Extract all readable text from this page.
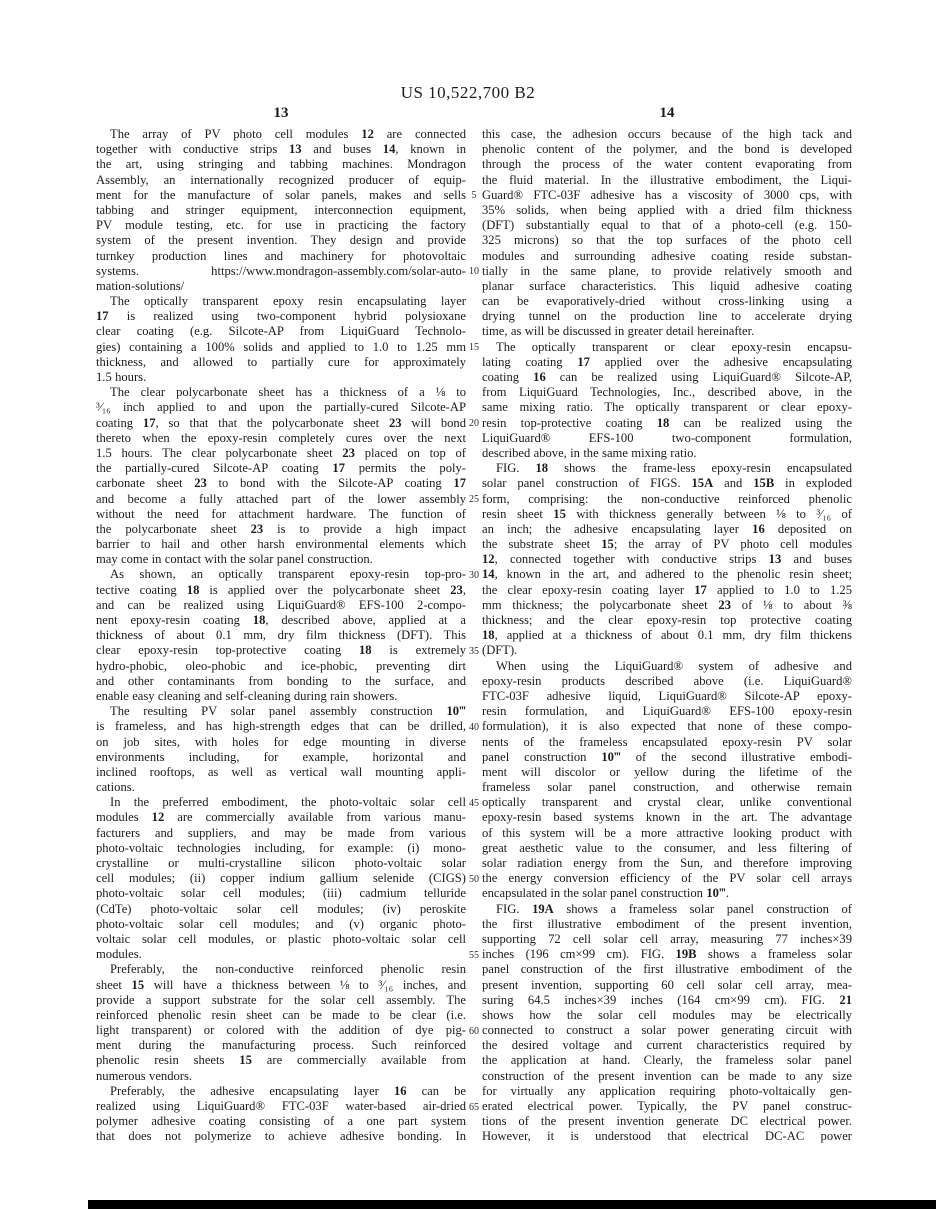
US 10,522,700 B2
13	14
The array of PV photo cell modules 12 are connected
together with conductive strips 13 and buses 14, known in
the art, using stringing and tabbing machines. Mondragon
Assembly, an internationally recognized producer of equip-
ment for the manufacture of solar panels, makes and sells
tabbing and stringer equipment, interconnection equipment,
PV module testing, etc. for use in practicing the factory
system of the present invention. They design and provide
turnkey production lines and machinery for photovoltaic
systems. https://www.mondragon-assembly.com/solar-auto-
mation-solutions/
The optically transparent epoxy resin encapsulating layer
17 is realized using two-component hybrid polysioxane
clear coating (e.g. Silcote-AP from LiquiGuard Technolo-
gies) containing a 100% solids and applied to 1.0 to 1.25 mm
thickness, and allowed to partially cure for approximately
1.5 hours.
The clear polycarbonate sheet has a thickness of a ⅛ to
³⁄₁₆ inch applied to and upon the partially-cured Silcote-AP
coating 17, so that that the polycarbonate sheet 23 will bond
thereto when the epoxy-resin completely cures over the next
1.5 hours. The clear polycarbonate sheet 23 placed on top of
the partially-cured Silcote-AP coating 17 permits the poly-
carbonate sheet 23 to bond with the Silcote-AP coating 17
and become a fully attached part of the lower assembly
without the need for attachment hardware. The function of
the polycarbonate sheet 23 is to provide a high impact
barrier to hail and other harsh environmental elements which
may come in contact with the solar panel construction.
As shown, an optically transparent epoxy-resin top-pro-
tective coating 18 is applied over the polycarbonate sheet 23,
and can be realized using LiquiGuard® EFS-100 2-compo-
nent epoxy-resin coating 18, described above, applied at a
thickness of about 0.1 mm, dry film thickness (DFT). This
clear epoxy-resin top-protective coating 18 is extremely
hydro-phobic, oleo-phobic and ice-phobic, preventing dirt
and other contaminants from bonding to the surface, and
enable easy cleaning and self-cleaning during rain showers.
The resulting PV solar panel assembly construction 10‴
is frameless, and has high-strength edges that can be drilled,
on job sites, with holes for edge mounting in diverse
environments including, for example, horizontal and
inclined rooftops, as well as vertical wall mounting appli-
cations.
In the preferred embodiment, the photo-voltaic solar cell
modules 12 are commercially available from various manu-
facturers and suppliers, and may be made from various
photo-voltaic technologies including, for example: (i) mono-
crystalline or multi-crystalline silicon photo-voltaic solar
cell modules; (ii) copper indium gallium selenide (CIGS)
photo-voltaic solar cell modules; (iii) cadmium telluride
(CdTe) photo-voltaic solar cell modules; (iv) peroskite
photo-voltaic solar cell modules; and (v) organic photo-
voltaic solar cell modules, or plastic photo-voltaic solar cell
modules.
Preferably, the non-conductive reinforced phenolic resin
sheet 15 will have a thickness between ⅛ to ³⁄₁₆ inches, and
provide a support substrate for the solar cell assembly. The
reinforced phenolic resin sheet can be made to be clear (i.e.
light transparent) or colored with the addition of dye pig-
ment during the manufacturing process. Such reinforced
phenolic resin sheets 15 are commercially available from
numerous vendors.
Preferably, the adhesive encapsulating layer 16 can be
realized using LiquiGuard® FTC-03F water-based air-dried
polymer adhesive coating consisting of a one part system
that does not polymerize to achieve adhesive bonding. In
5
10
15
20
25
30
35
40
45
50
55
60
65
this case, the adhesion occurs because of the high tack and
phenolic content of the polymer, and the bond is developed
through the process of the water content evaporating from
the fluid material. In the illustrative embodiment, the Liqui-
Guard® FTC-03F adhesive has a viscosity of 3000 cps, with
35% solids, when being applied with a dried film thickness
(DFT) substantially equal to that of a photo-cell (e.g. 150-
325 microns) so that the top surfaces of the photo cell
modules and surrounding adhesive coating reside substan-
tially in the same plane, to provide relatively smooth and
planar surface characteristics. This liquid adhesive coating
can be evaporatively-dried without cross-linking using a
drying tunnel on the production line to accelerate drying
time, as will be discussed in greater detail hereinafter.
The optically transparent or clear epoxy-resin encapsu-
lating coating 17 applied over the adhesive encapsulating
coating 16 can be realized using LiquiGuard® Silcote-AP,
from LiquiGuard Technologies, Inc., described above, in the
same mixing ratio. The optically transparent or clear epoxy-
resin top-protective coating 18 can be realized using the
LiquiGuard® EFS-100 two-component formulation,
described above, in the same mixing ratio.
FIG. 18 shows the frame-less epoxy-resin encapsulated
solar panel construction of FIGS. 15A and 15B in exploded
form, comprising: the non-conductive reinforced phenolic
resin sheet 15 with thickness generally between ⅛ to ³⁄₁₆ of
an inch; the adhesive encapsulating layer 16 deposited on
the substrate sheet 15; the array of PV photo cell modules
12, connected together with conductive strips 13 and buses
14, known in the art, and adhered to the phenolic resin sheet;
the clear epoxy-resin coating layer 17 applied to 1.0 to 1.25
mm thickness; the polycarbonate sheet 23 of ⅛ to about ⅜
thickness; and the clear epoxy-resin top protective coating
18, applied at a thickness of about 0.1 mm, dry film thickens
(DFT).
When using the LiquiGuard® system of adhesive and
epoxy-resin products described above (i.e. LiquiGuard®
FTC-03F adhesive liquid, LiquiGuard® Silcote-AP epoxy-
resin formulation, and LiquiGuard® EFS-100 epoxy-resin
formulation), it is also expected that none of these compo-
nents of the frameless encapsulated epoxy-resin PV solar
panel construction 10‴ of the second illustrative embodi-
ment will discolor or yellow during the lifetime of the
frameless solar panel construction, and otherwise remain
optically transparent and crystal clear, unlike conventional
epoxy-resin based systems known in the art. The advantage
of this system will be a more attractive looking product with
great aesthetic value to the consumer, and less filtering of
solar radiation energy from the Sun, and therefore improving
the energy conversion efficiency of the PV solar cell arrays
encapsulated in the solar panel construction 10‴.
FIG. 19A shows a frameless solar panel construction of
the first illustrative embodiment of the present invention,
supporting 72 cell solar cell array, measuring 77 inches×39
inches (196 cm×99 cm). FIG. 19B shows a frameless solar
panel construction of the first illustrative embodiment of the
present invention, supporting 60 cell solar cell array, mea-
suring 64.5 inches×39 inches (164 cm×99 cm). FIG. 21
shows how the solar cell modules may be electrically
connected to construct a solar power generating circuit with
the desired voltage and current characteristics required by
the application at hand. Clearly, the frameless solar panel
construction of the present invention can be made to any size
for virtually any application requiring photo-voltaically gen-
erated electrical power. Typically, the PV panel construc-
tions of the present invention generate DC electrical power.
However, it is understood that electrical DC-AC power
